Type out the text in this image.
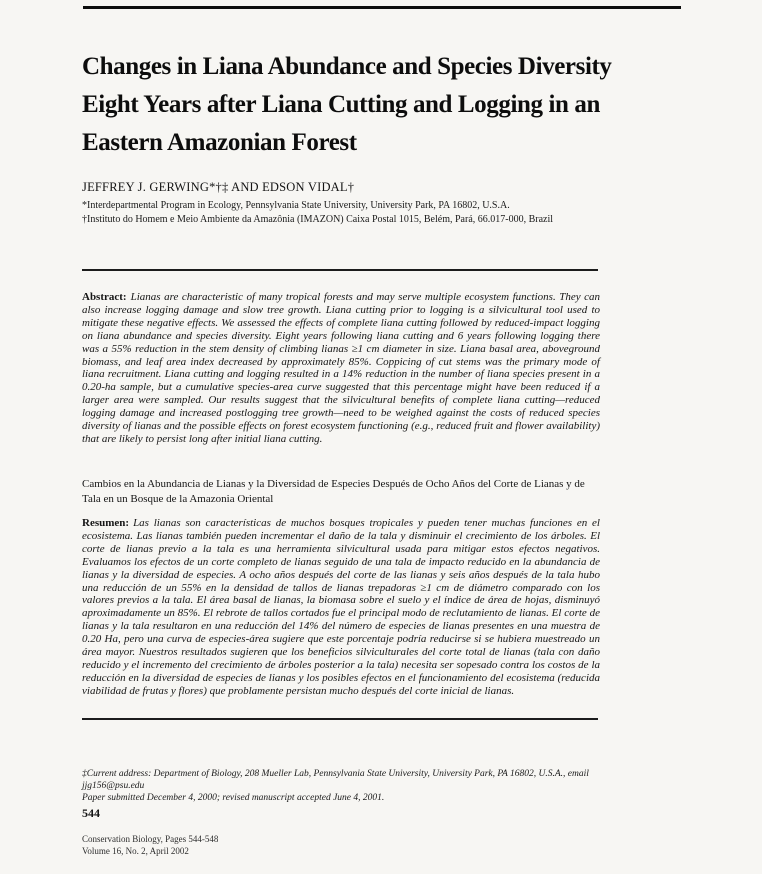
Changes in Liana Abundance and Species Diversity
Eight Years after Liana Cutting and Logging in an
Eastern Amazonian Forest
JEFFREY J. GERWING*†‡ AND EDSON VIDAL†
*Interdepartmental Program in Ecology, Pennsylvania State University, University Park, PA 16802, U.S.A.
†Instituto do Homem e Meio Ambiente da Amazônia (IMAZON) Caixa Postal 1015, Belém, Pará, 66.017-000, Brazil

Abstract: Lianas are characteristic of many tropical forests and may serve multiple ecosystem functions. They can also increase logging damage and slow tree growth. Liana cutting prior to logging is a silvicultural tool used to mitigate these negative effects. We assessed the effects of complete liana cutting followed by reduced-impact logging on liana abundance and species diversity. Eight years following liana cutting and 6 years following logging there was a 55% reduction in the stem density of climbing lianas ≥1 cm diameter in size. Liana basal area, aboveground biomass, and leaf area index decreased by approximately 85%. Coppicing of cut stems was the primary mode of liana recruitment. Liana cutting and logging resulted in a 14% reduction in the number of liana species present in a 0.20-ha sample, but a cumulative species-area curve suggested that this percentage might have been reduced if a larger area were sampled. Our results suggest that the silvicultural benefits of complete liana cutting—reduced logging damage and increased postlogging tree growth—need to be weighed against the costs of reduced species diversity of lianas and the possible effects on forest ecosystem functioning (e.g., reduced fruit and flower availability) that are likely to persist long after initial liana cutting.

Cambios en la Abundancia de Lianas y la Diversidad de Especies Después de Ocho Años del Corte de Lianas y de Tala en un Bosque de la Amazonia Oriental

Resumen: Las lianas son características de muchos bosques tropicales y pueden tener muchas funciones en el ecosistema. Las lianas también pueden incrementar el daño de la tala y disminuir el crecimiento de los árboles. El corte de lianas previo a la tala es una herramienta silvicultural usada para mitigar estos efectos negativos. Evaluamos los efectos de un corte completo de lianas seguido de una tala de impacto reducido en la abundancia de lianas y la diversidad de especies. A ocho años después del corte de las lianas y seis años después de la tala hubo una reducción de un 55% en la densidad de tallos de lianas trepadoras ≥1 cm de diámetro comparado con los valores previos a la tala. El área basal de lianas, la biomasa sobre el suelo y el índice de área de hojas, disminuyó aproximadamente un 85%. El rebrote de tallos cortados fue el principal modo de reclutamiento de lianas. El corte de lianas y la tala resultaron en una reducción del 14% del número de especies de lianas presentes en una muestra de 0.20 Ha, pero una curva de especies-área sugiere que este porcentaje podría reducirse si se hubiera muestreado un área mayor. Nuestros resultados sugieren que los beneficios silviculturales del corte total de lianas (tala con daño reducido y el incremento del crecimiento de árboles posterior a la tala) necesita ser sopesado contra los costos de la reducción en la diversidad de especies de lianas y los posibles efectos en el funcionamiento del ecosistema (reducida viabilidad de frutas y flores) que problamente persistan mucho después del corte inicial de lianas.

‡Current address: Department of Biology, 208 Mueller Lab, Pennsylvania State University, University Park, PA 16802, U.S.A., email jjg156@psu.edu

Paper submitted December 4, 2000; revised manuscript accepted June 4, 2001.

544
Conservation Biology, Pages 544-548
Volume 16, No. 2, April 2002
